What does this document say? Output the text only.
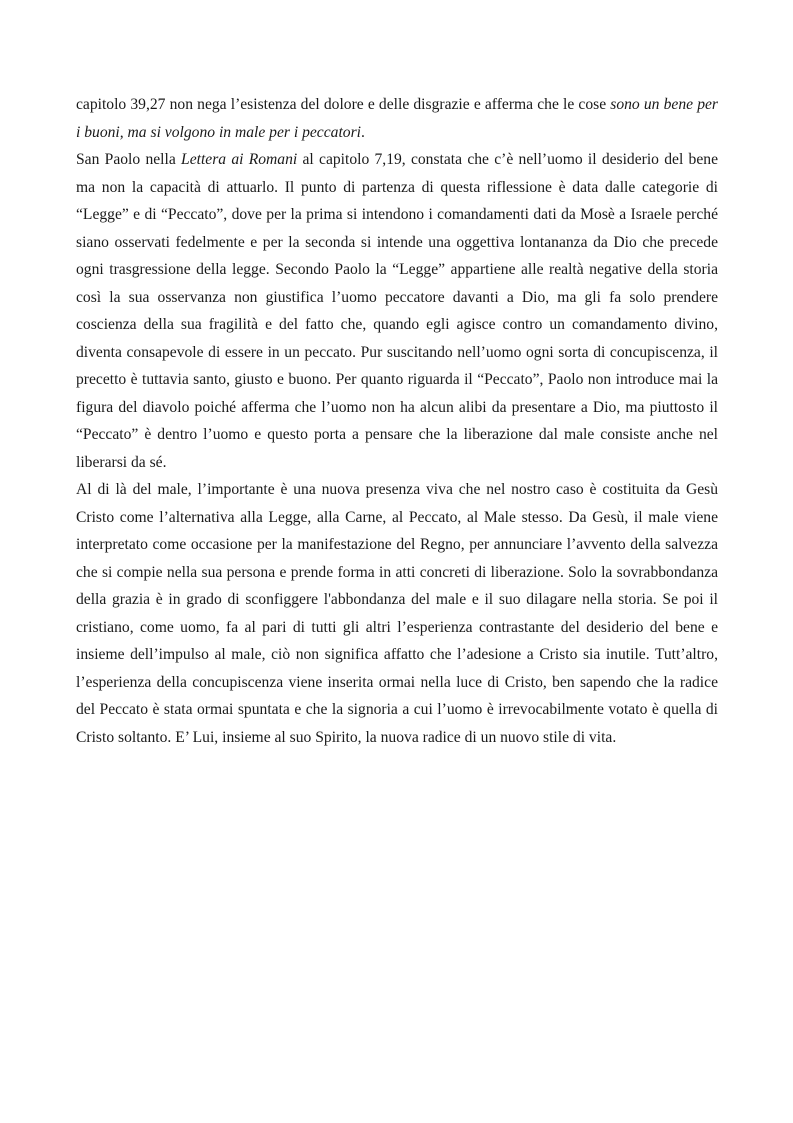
capitolo 39,27 non nega l’esistenza del dolore e delle disgrazie e afferma che le cose sono un bene per i buoni, ma si volgono in male per i peccatori.

San Paolo nella Lettera ai Romani al capitolo 7,19, constata che c’è nell’uomo il desiderio del bene ma non la capacità di attuarlo. Il punto di partenza di questa riflessione è data dalle categorie di “Legge” e di “Peccato”, dove per la prima si intendono i comandamenti dati da Mosè a Israele perché siano osservati fedelmente e per la seconda si intende una oggettiva lontananza da Dio che precede ogni trasgressione della legge. Secondo Paolo la “Legge” appartiene alle realtà negative della storia così la sua osservanza non giustifica l’uomo peccatore davanti a Dio, ma gli fa solo prendere coscienza della sua fragilità e del fatto che, quando egli agisce contro un comandamento divino, diventa consapevole di essere in un peccato. Pur suscitando nell’uomo ogni sorta di concupiscenza, il precetto è tuttavia santo, giusto e buono. Per quanto riguarda il “Peccato”, Paolo non introduce mai la figura del diavolo poiché afferma che l’uomo non ha alcun alibi da presentare a Dio, ma piuttosto il “Peccato” è dentro l’uomo e questo porta a pensare che la liberazione dal male consiste anche nel liberarsi da sé.

Al di là del male, l’importante è una nuova presenza viva che nel nostro caso è costituita da Gesù Cristo come l’alternativa alla Legge, alla Carne, al Peccato, al Male stesso. Da Gesù, il male viene interpretato come occasione per la manifestazione del Regno, per annunciare l’avvento della salvezza che si compie nella sua persona e prende forma in atti concreti di liberazione. Solo la sovrabbondanza della grazia è in grado di sconfiggere l'abbondanza del male e il suo dilagare nella storia. Se poi il cristiano, come uomo, fa al pari di tutti gli altri l’esperienza contrastante del desiderio del bene e insieme dell’impulso al male, ciò non significa affatto che l’adesione a Cristo sia inutile. Tutt’altro, l’esperienza della concupiscenza viene inserita ormai nella luce di Cristo, ben sapendo che la radice del Peccato è stata ormai spuntata e che la signoria a cui l’uomo è irrevocabilmente votato è quella di Cristo soltanto. E’ Lui, insieme al suo Spirito, la nuova radice di un nuovo stile di vita.
